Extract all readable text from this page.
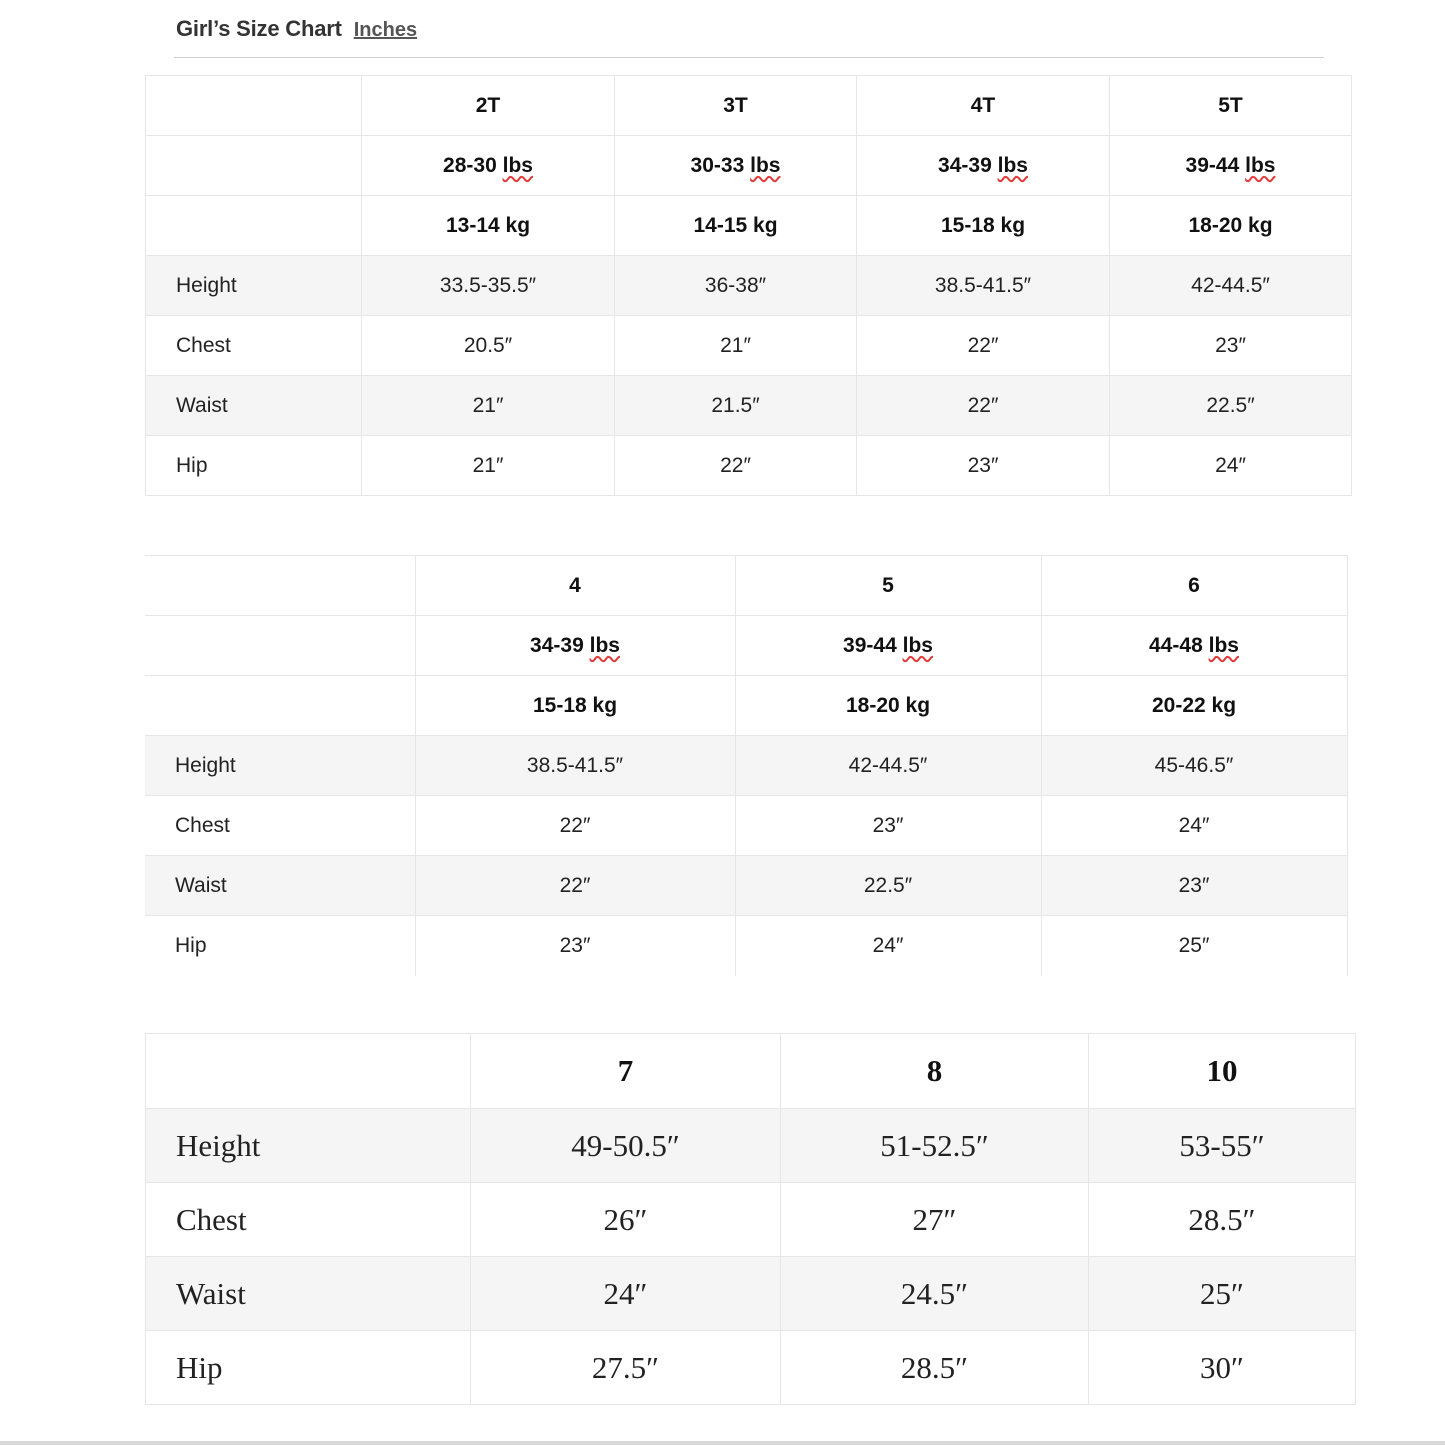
Girl’s Size Chart Inches
	2T	3T	4T	5T
	28-30 lbs	30-33 lbs	34-39 lbs	39-44 lbs
	13-14 kg	14-15 kg	15-18 kg	18-20 kg
Height	33.5-35.5″	36-38″	38.5-41.5″	42-44.5″
Chest	20.5″	21″	22″	23″
Waist	21″	21.5″	22″	22.5″
Hip	21″	22″	23″	24″
	4	5	6
	34-39 lbs	39-44 lbs	44-48 lbs
	15-18 kg	18-20 kg	20-22 kg
Height	38.5-41.5″	42-44.5″	45-46.5″
Chest	22″	23″	24″
Waist	22″	22.5″	23″
Hip	23″	24″	25″
	7	8	10
Height	49-50.5″	51-52.5″	53-55″
Chest	26″	27″	28.5″
Waist	24″	24.5″	25″
Hip	27.5″	28.5″	30″
